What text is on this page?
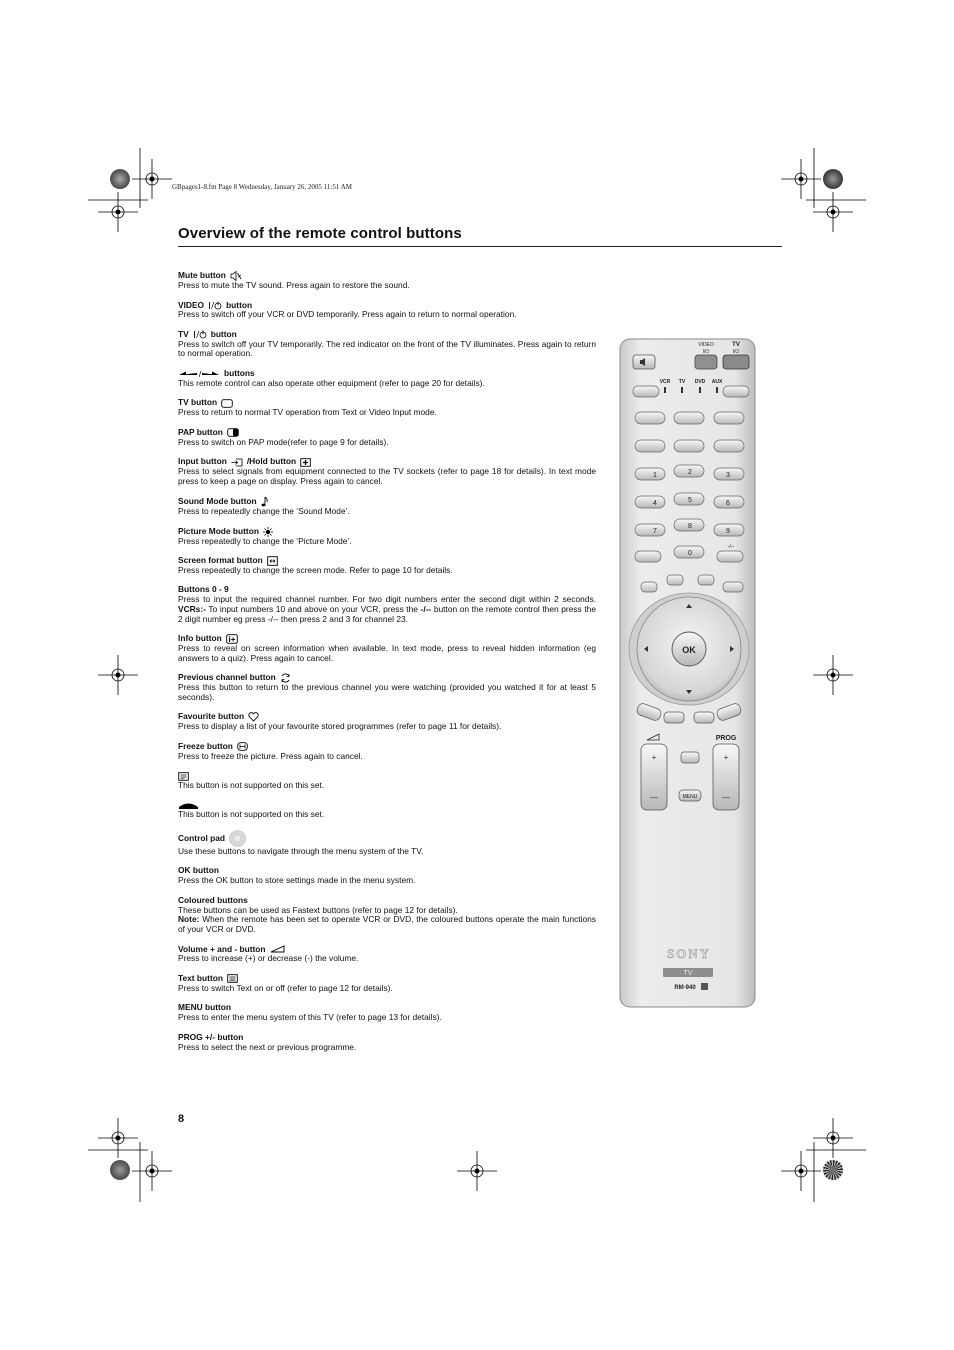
GBpages1-8.fm Page 8 Wednesday, January 26, 2005 11:51 AM
Overview of the remote control buttons
Mute button
Press to mute the TV sound. Press again to restore the sound.
VIDEO	button
Press to switch off your VCR or DVD temporarily. Press again to return to normal operation.
TV	button
Press to switch off your TV temporarily. The red indicator on the front of the TV illuminates. Press again to return to normal operation.
buttons
This remote control can also operate other equipment (refer to page 20 for details).
TV button
Press to return to normal TV operation from Text or Video Input mode.
PAP button
Press to switch on PAP mode(refer to page 9 for details).
Input button /Hold button
Press to select signals from equipment connected to the TV sockets (refer to page 18 for details). In text mode press to keep a page on display. Press again to cancel.
Sound Mode button
Press to repeatedly change the ‘Sound Mode’.
Picture Mode button
Press repeatedly to change the ‘Picture Mode’.
Screen format button
Press repeatedly to change the screen mode. Refer to page 10 for details.
Buttons 0 - 9
Press to input the required channel number. For two digit numbers enter the second digit within 2 seconds. VCRs:- To input numbers 10 and above on your VCR, press the -/-- button on the remote control then press the 2 digit number eg press -/-- then press 2 and 3 for channel 23.
Info button i+
Press to reveal on screen information when available. In text mode, press to reveal hidden information (eg answers to a quiz). Press again to cancel.
Previous channel button
Press this button to return to the previous channel you were watching (provided you watched it for at least 5 seconds).
Favourite button
Press to display a list of your favourite stored programmes (refer to page 11 for details).
Freeze button
Press to freeze the picture. Press again to cancel.
This button is not supported on this set.
This button is not supported on this set.
Control pad
Use these buttons to navigate through the menu system of the TV.
OK button
Press the OK button to store settings made in the menu system.
Coloured buttons
These buttons can be used as Fastext buttons (refer to page 12 for details).
Note: When the remote has been set to operate VCR or DVD, the coloured buttons operate the main functions of your VCR or DVD.
Volume + and - button
Press to increase (+) or decrease (-) the volume.
Text button
Press to switch Text on or off (refer to page 12 for details).
MENU button
Press to enter the menu system of this TV (refer to page 13 for details).
PROG +/- button
Press to select the next or previous programme.
8
VIDEO
I/⏻
TV
I/⏻
VCR TV DVD AUX
1	2	3
4	5	6
7
8
9
0
-/--
OK
PROG
+
—
+
—
MENU
SONY
TV
RM-940
